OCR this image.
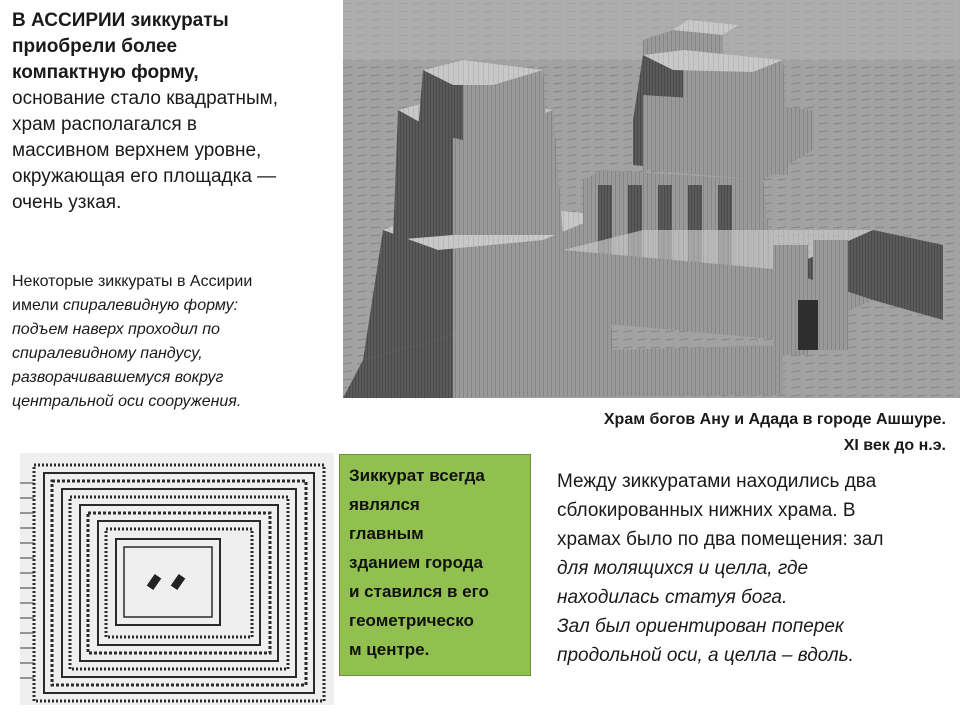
В АССИРИИ зиккураты
приобрели более
компактную форму,
основание стало квадратным,
храм располагался в
массивном верхнем уровне,
окружающая его площадка —
очень узкая.
Некоторые зиккураты в Ассирии
имели спиралевидную форму:
подъем наверх проходил по
спиралевидному пандусу,
разворачивавшемуся вокруг
центральной оси сооружения.
Храм богов Ану и Адада в городе Ашшуре.
XI век до н.э.
Зиккурат всегда
являлся
главным
зданием города
и ставился в его
геометрическо
м центре.
Между зиккуратами находились два
сблокированных нижних храма. В
храмах было по два помещения: зал
для молящихся и целла, где
находилась статуя бога.
Зал был ориентирован поперек
продольной оси, а целла – вдоль.
